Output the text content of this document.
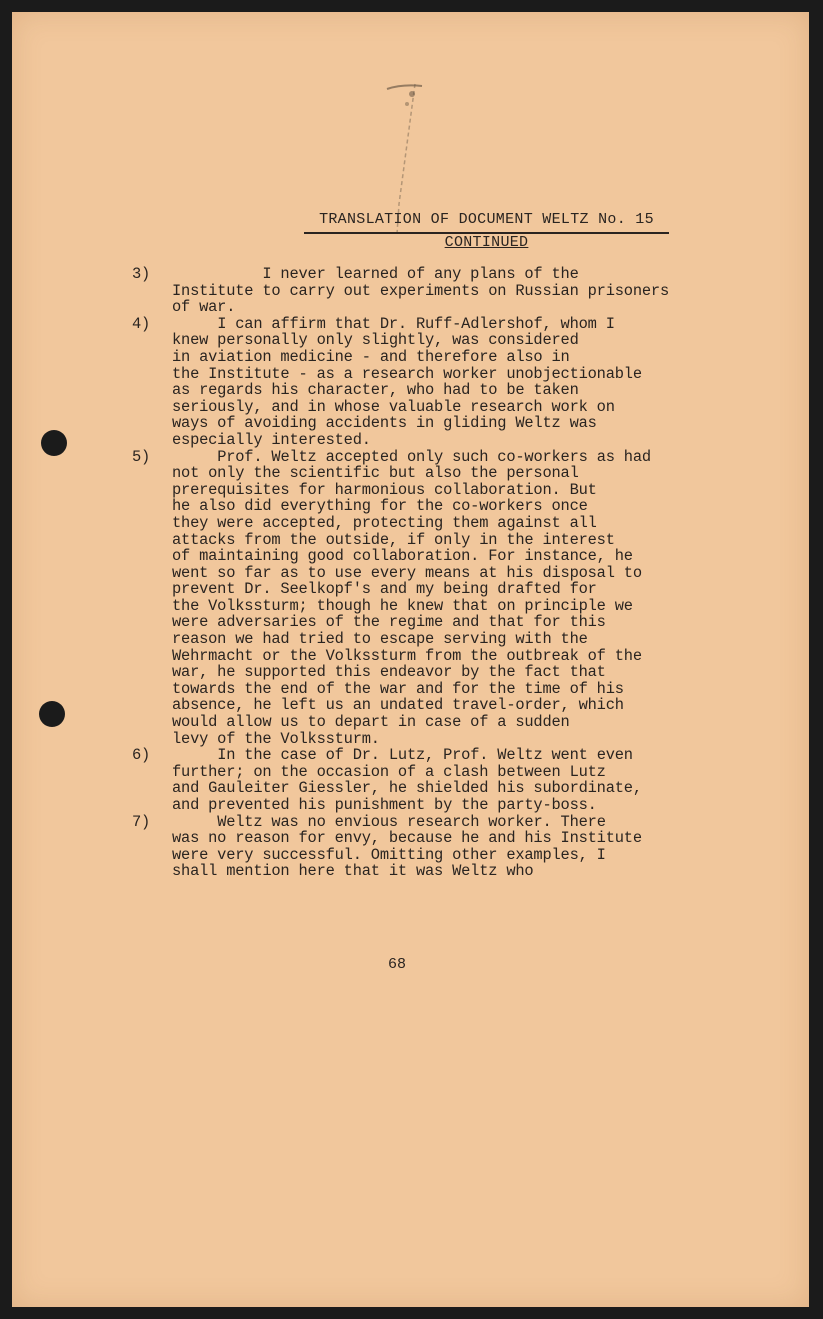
TRANSLATION OF DOCUMENT WELTZ No. 15
CONTINUED
3)	I never learned of any plans of the
Institute to carry out experiments on Russian prisoners
of war.
4)	I can affirm that Dr. Ruff-Adlershof, whom I
knew personally only slightly, was considered
in aviation medicine - and therefore also in
the Institute - as a research worker unobjectionable
as regards his character, who had to be taken
seriously, and in whose valuable research work on
ways of avoiding accidents in gliding Weltz was
especially interested.
5)	Prof. Weltz accepted only such co-workers as had
not only the scientific but also the personal
prerequisites for harmonious collaboration. But
he also did everything for the co-workers once
they were accepted, protecting them against all
attacks from the outside, if only in the interest
of maintaining good collaboration. For instance, he
went so far as to use every means at his disposal to
prevent Dr. Seelkopf's and my being drafted for
the Volkssturm; though he knew that on principle we
were adversaries of the regime and that for this
reason we had tried to escape serving with the
Wehrmacht or the Volkssturm from the outbreak of the
war, he supported this endeavor by the fact that
towards the end of the war and for the time of his
absence, he left us an undated travel-order, which
would allow us to depart in case of a sudden
levy of the Volkssturm.
6)	In the case of Dr. Lutz, Prof. Weltz went even
further; on the occasion of a clash between Lutz
and Gauleiter Giessler, he shielded his subordinate,
and prevented his punishment by the party-boss.
7)	Weltz was no envious research worker. There
was no reason for envy, because he and his Institute
were very successful. Omitting other examples, I
shall mention here that it was Weltz who
68
